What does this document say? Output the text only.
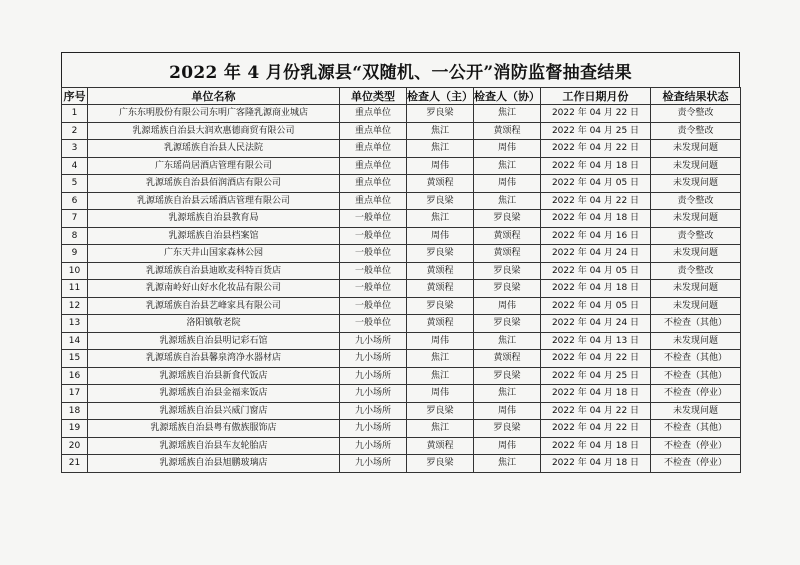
2022 年 4 月份乳源县“双随机、一公开”消防监督抽查结果
序号	单位名称	单位类型	检查人（主）	检查人（协）	工作日期月份	检查结果状态
1	广东东明股份有限公司东明广客隆乳源商业城店	重点单位	罗良梁	焦江	2022 年 04 月 22 日	责令整改
2	乳源瑶族自治县大润欢惠德商贸有限公司	重点单位	焦江	黄颂程	2022 年 04 月 25 日	责令整改
3	乳源瑶族自治县人民法院	重点单位	焦江	周伟	2022 年 04 月 22 日	未发现问题
4	广东瑶尚居酒店管理有限公司	重点单位	周伟	焦江	2022 年 04 月 18 日	未发现问题
5	乳源瑶族自治县佰润酒店有限公司	重点单位	黄颂程	周伟	2022 年 04 月 05 日	未发现问题
6	乳源瑶族自治县云瑶酒店管理有限公司	重点单位	罗良梁	焦江	2022 年 04 月 22 日	责令整改
7	乳源瑶族自治县教育局	一般单位	焦江	罗良梁	2022 年 04 月 18 日	未发现问题
8	乳源瑶族自治县档案馆	一般单位	周伟	黄颂程	2022 年 04 月 16 日	责令整改
9	广东天井山国家森林公园	一般单位	罗良梁	黄颂程	2022 年 04 月 24 日	未发现问题
10	乳源瑶族自治县迪欧麦科特百货店	一般单位	黄颂程	罗良梁	2022 年 04 月 05 日	责令整改
11	乳源南岭好山好水化妆品有限公司	一般单位	黄颂程	罗良梁	2022 年 04 月 18 日	未发现问题
12	乳源瑶族自治县艺峰家具有限公司	一般单位	罗良梁	周伟	2022 年 04 月 05 日	未发现问题
13	洛阳镇敬老院	一般单位	黄颂程	罗良梁	2022 年 04 月 24 日	不检查（其他）
14	乳源瑶族自治县明记彩石馆	九小场所	周伟	焦江	2022 年 04 月 13 日	未发现问题
15	乳源瑶族自治县馨泉湾净水器材店	九小场所	焦江	黄颂程	2022 年 04 月 22 日	不检查（其他）
16	乳源瑶族自治县新食代饭店	九小场所	焦江	罗良梁	2022 年 04 月 25 日	不检查（其他）
17	乳源瑶族自治县金福来饭店	九小场所	周伟	焦江	2022 年 04 月 18 日	不检查（停业）
18	乳源瑶族自治县兴威门窗店	九小场所	罗良梁	周伟	2022 年 04 月 22 日	未发现问题
19	乳源瑶族自治县粤有傲族服饰店	九小场所	焦江	罗良梁	2022 年 04 月 22 日	不检查（其他）
20	乳源瑶族自治县车友轮胎店	九小场所	黄颂程	周伟	2022 年 04 月 18 日	不检查（停业）
21	乳源瑶族自治县旭鹏玻璃店	九小场所	罗良梁	焦江	2022 年 04 月 18 日	不检查（停业）
